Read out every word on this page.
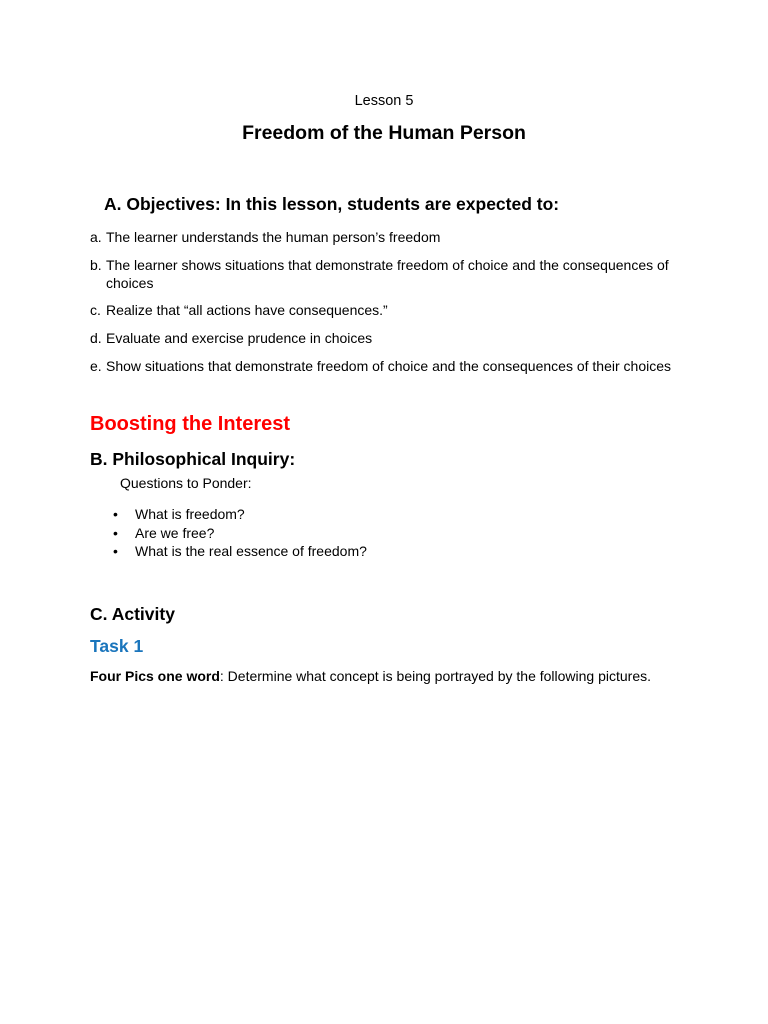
Lesson 5
Freedom of the Human Person
A. Objectives: In this lesson, students are expected to:
a. The learner understands the human person’s freedom
b. The learner shows situations that demonstrate freedom of choice and the consequences of choices
c. Realize that “all actions have consequences.”
d. Evaluate and exercise prudence in choices
e. Show situations that demonstrate freedom of choice and the consequences of their choices
Boosting the Interest
B. Philosophical Inquiry:
Questions to Ponder:
• What is freedom?
• Are we free?
• What is the real essence of freedom?
C. Activity
Task 1
Four Pics one word: Determine what concept is being portrayed by the following pictures.
